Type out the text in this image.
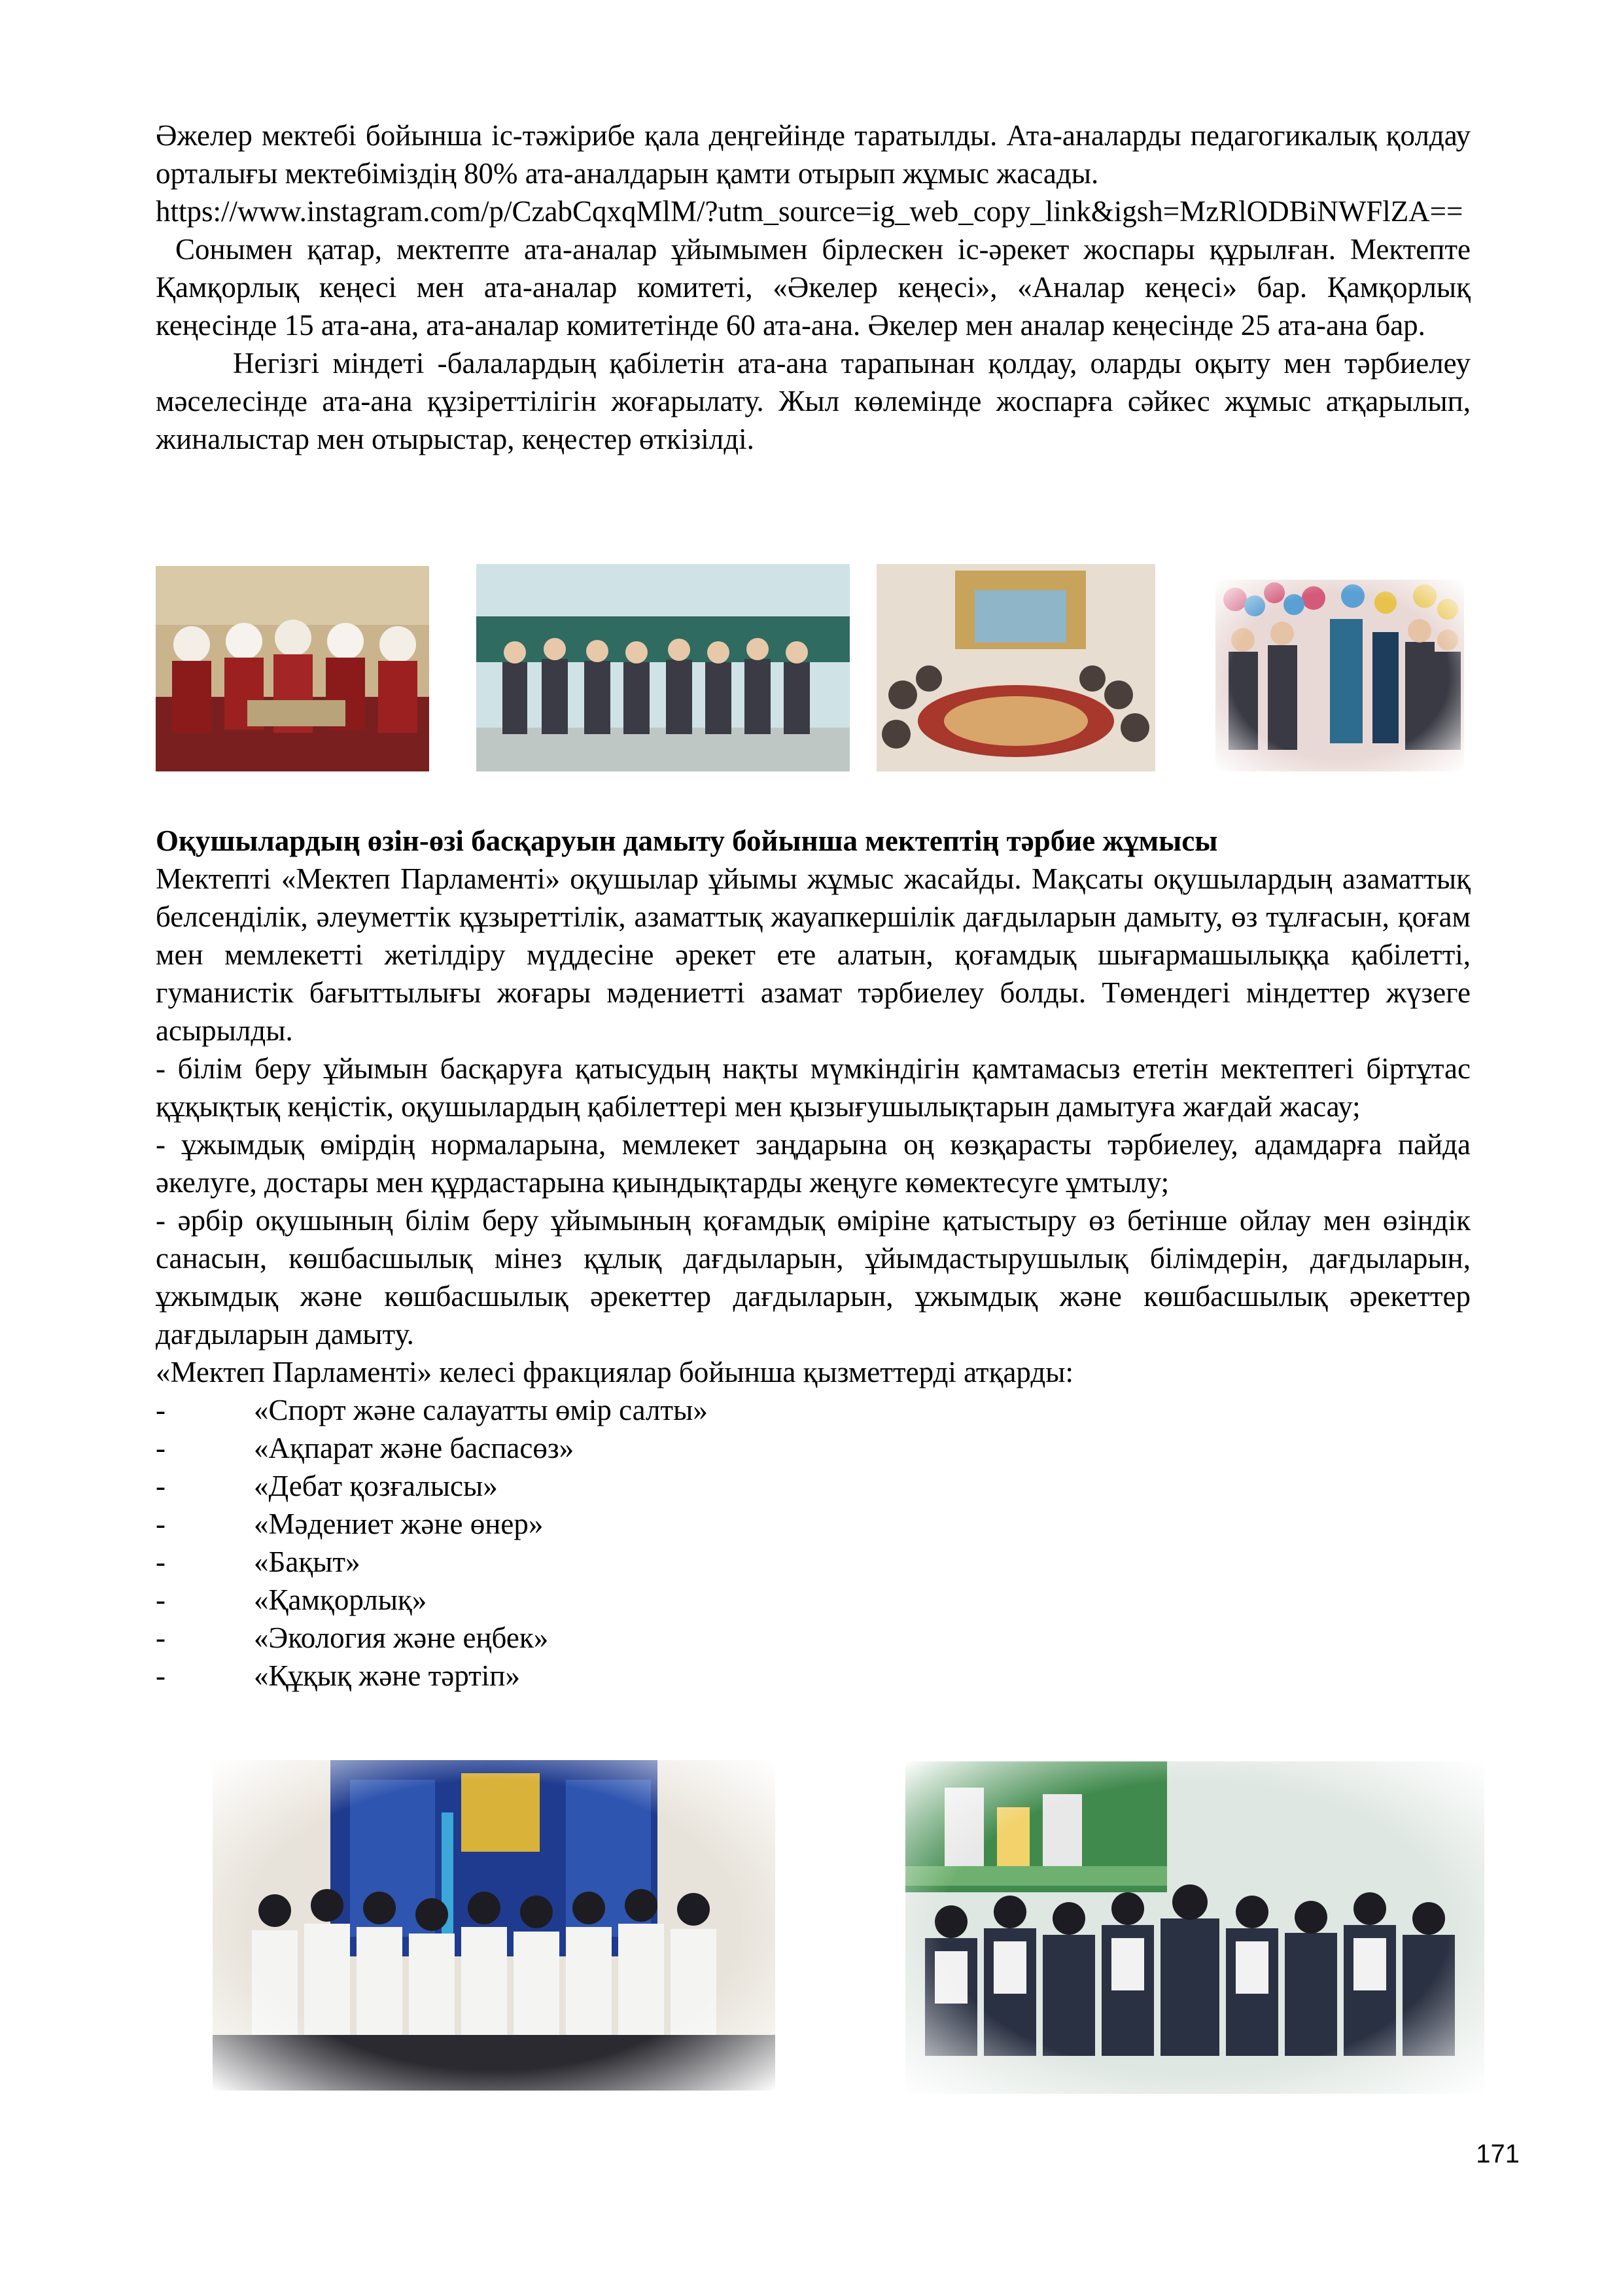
Әжелер мектебі бойынша іс-тәжірибе қала деңгейінде таратылды. Ата-аналарды педагогикалық қолдау орталығы мектебіміздің 80% ата-аналдарын қамти отырып жұмыс жасады.

https://www.instagram.com/p/CzabCqxqMlM/?utm_source=ig_web_copy_link&igsh=MzRlODBiNWFlZA==

Сонымен қатар, мектепте ата-аналар ұйымымен бірлескен іс-әрекет жоспары құрылған. Мектепте Қамқорлық кеңесі мен ата-аналар комитеті, «Әкелер кеңесі», «Аналар кеңесі» бар. Қамқорлық кеңесінде 15 ата-ана, ата-аналар комитетінде 60 ата-ана. Әкелер мен аналар кеңесінде 25 ата-ана бар.

Негізгі міндеті -балалардың қабілетін ата-ана тарапынан қолдау, оларды оқыту мен тәрбиелеу мәселесінде ата-ана құзіреттілігін жоғарылату. Жыл көлемінде жоспарға сәйкес жұмыс атқарылып, жиналыстар мен отырыстар, кеңестер өткізілді.

Оқушылардың өзін-өзі басқаруын дамыту бойынша мектептің тәрбие жұмысы

Мектепті «Мектеп Парламенті» оқушылар ұйымы жұмыс жасайды. Мақсаты оқушылардың азаматтық белсенділік, әлеуметтік құзыреттілік, азаматтық жауапкершілік дағдыларын дамыту, өз тұлғасын, қоғам мен мемлекетті жетілдіру мүддесіне әрекет ете алатын, қоғамдық шығармашылыққа қабілетті, гуманистік бағыттылығы жоғары мәдениетті азамат тәрбиелеу болды. Төмендегі міндеттер жүзеге асырылды.

- білім беру ұйымын басқаруға қатысудың нақты мүмкіндігін қамтамасыз ететін мектептегі біртұтас құқықтық кеңістік, оқушылардың қабілеттері мен қызығушылықтарын дамытуға жағдай жасау;

- ұжымдық өмірдің нормаларына, мемлекет заңдарына оң көзқарасты тәрбиелеу, адамдарға пайда әкелуге, достары мен құрдастарына қиындықтарды жеңуге көмектесуге ұмтылу;

- әрбір оқушының білім беру ұйымының қоғамдық өміріне қатыстыру өз бетінше ойлау мен өзіндік санасын, көшбасшылық мінез құлық дағдыларын, ұйымдастырушылық білімдерін, дағдыларын, ұжымдық және көшбасшылық әрекеттер дағдыларын, ұжымдық және көшбасшылық әрекеттер дағдыларын дамыту.

«Мектеп Парламенті» келесі фракциялар бойынша қызметтерді атқарды:

-	«Спорт және салауатты өмір салты»
-	«Ақпарат және баспасөз»
-	«Дебат қозғалысы»
-	«Мәдениет және өнер»
-	«Бақыт»
-	«Қамқорлық»
-	«Экология және еңбек»
-	«Құқық және тәртіп»
171
